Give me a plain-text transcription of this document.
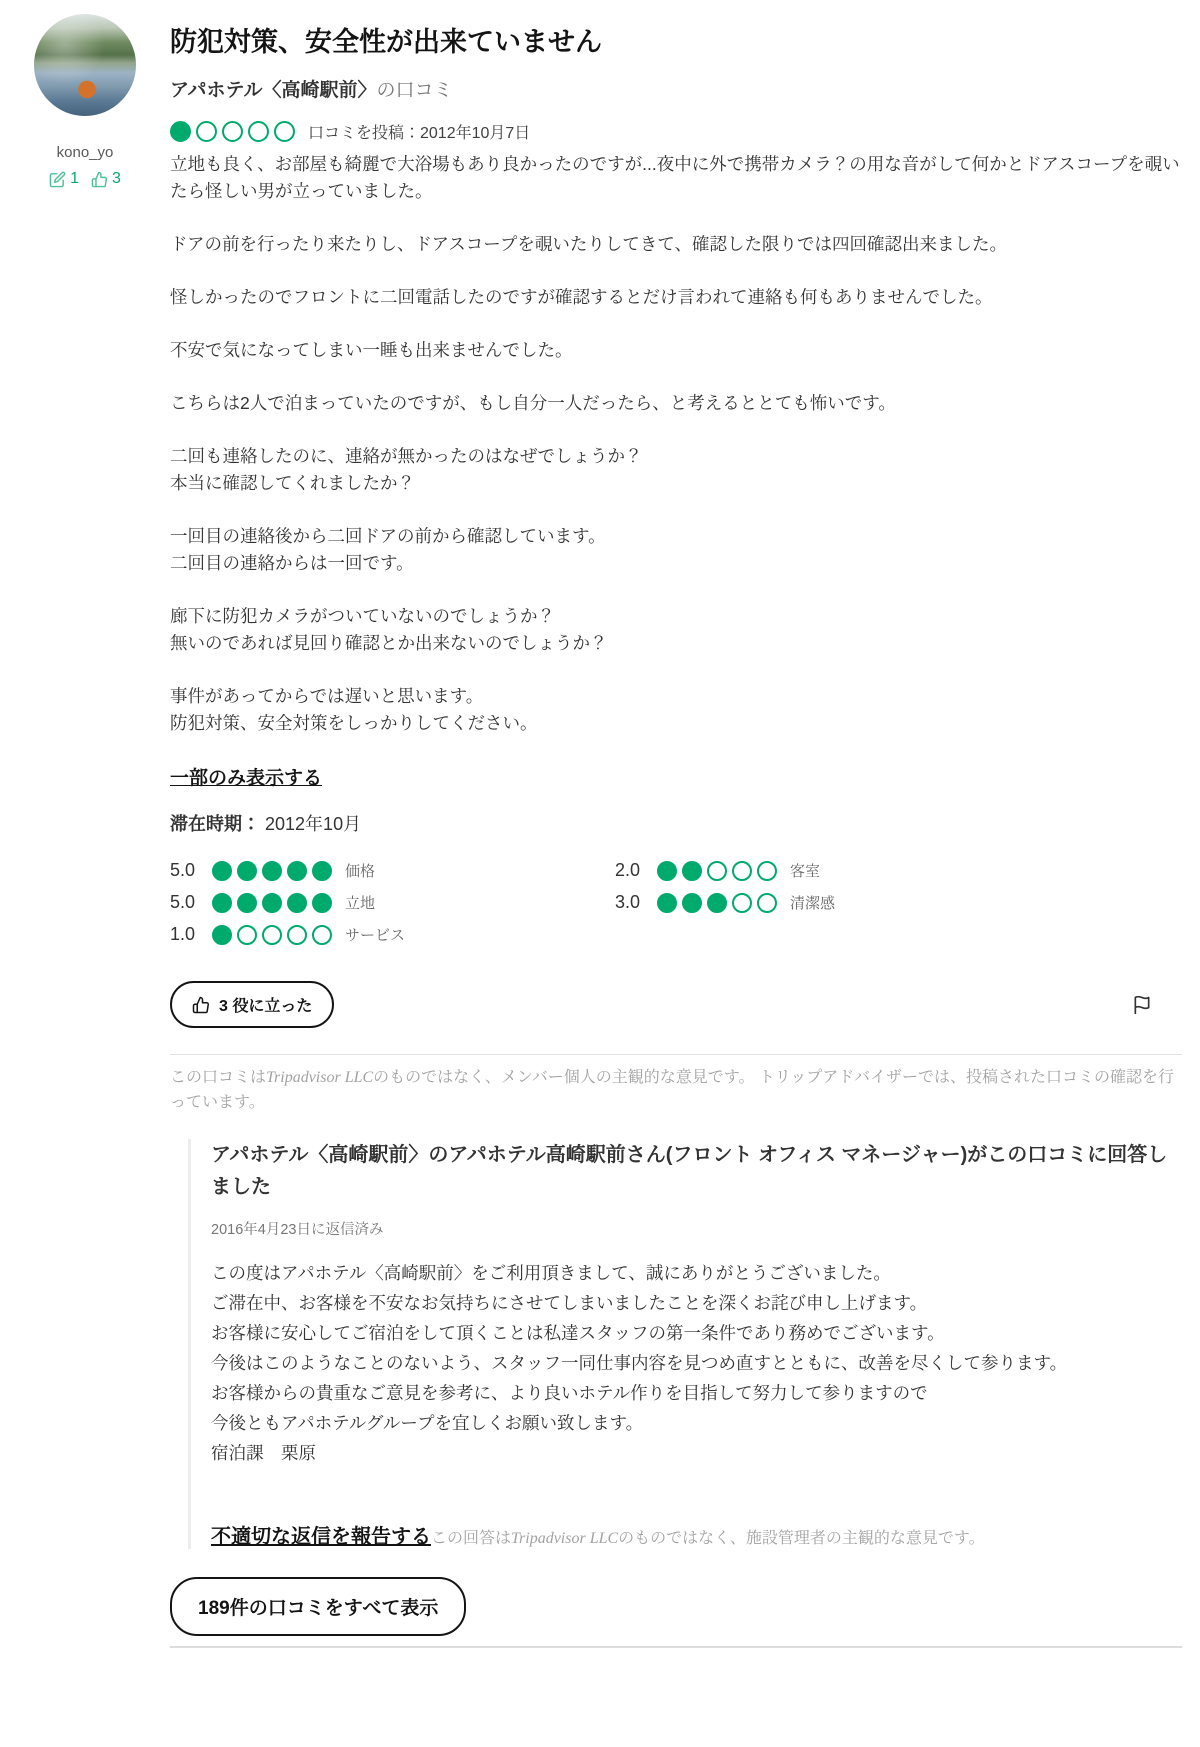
kono_yo
1 3
防犯対策、安全性が出来ていません
アパホテル〈高崎駅前〉の口コミ
口コミを投稿：2012年10月7日

立地も良く、お部屋も綺麗で大浴場もあり良かったのですが...夜中に外で携帯カメラ？の用な音がして何かとドアスコープを覗いたら怪しい男が立っていました。

ドアの前を行ったり来たりし、ドアスコープを覗いたりしてきて、確認した限りでは四回確認出来ました。

怪しかったのでフロントに二回電話したのですが確認するとだけ言われて連絡も何もありませんでした。

不安で気になってしまい一睡も出来ませんでした。

こちらは2人で泊まっていたのですが、もし自分一人だったら、と考えるととても怖いです。

二回も連絡したのに、連絡が無かったのはなぜでしょうか？
本当に確認してくれましたか？

一回目の連絡後から二回ドアの前から確認しています。
二回目の連絡からは一回です。

廊下に防犯カメラがついていないのでしょうか？
無いのであれば見回り確認とか出来ないのでしょうか？

事件があってからでは遅いと思います。
防犯対策、安全対策をしっかりしてください。

一部のみ表示する
滞在時期： 2012年10月
5.0	価格
5.0	立地
1.0	サービス
2.0	客室
3.0	清潔感
3 役に立った

この口コミはTripadvisor LLCのものではなく、メンバー個人の主観的な意見です。 トリップアドバイザーでは、投稿された口コミの確認を行っています。

アパホテル〈高崎駅前〉のアパホテル高崎駅前さん(フロント オフィス マネージャー)がこの口コミに回答しました
2016年4月23日に返信済み

この度はアパホテル〈高崎駅前〉をご利用頂きまして、誠にありがとうございました。
ご滞在中、お客様を不安なお気持ちにさせてしまいましたことを深くお詫び申し上げます。
お客様に安心してご宿泊をして頂くことは私達スタッフの第一条件であり務めでございます。
今後はこのようなことのないよう、スタッフ一同仕事内容を見つめ直すとともに、改善を尽くして参ります。
お客様からの貴重なご意見を参考に、より良いホテル作りを目指して努力して参りますので
今後ともアパホテルグループを宜しくお願い致します。
宿泊課　栗原

不適切な返信を報告するこの回答はTripadvisor LLCのものではなく、施設管理者の主観的な意見です。
189件の口コミをすべて表示
